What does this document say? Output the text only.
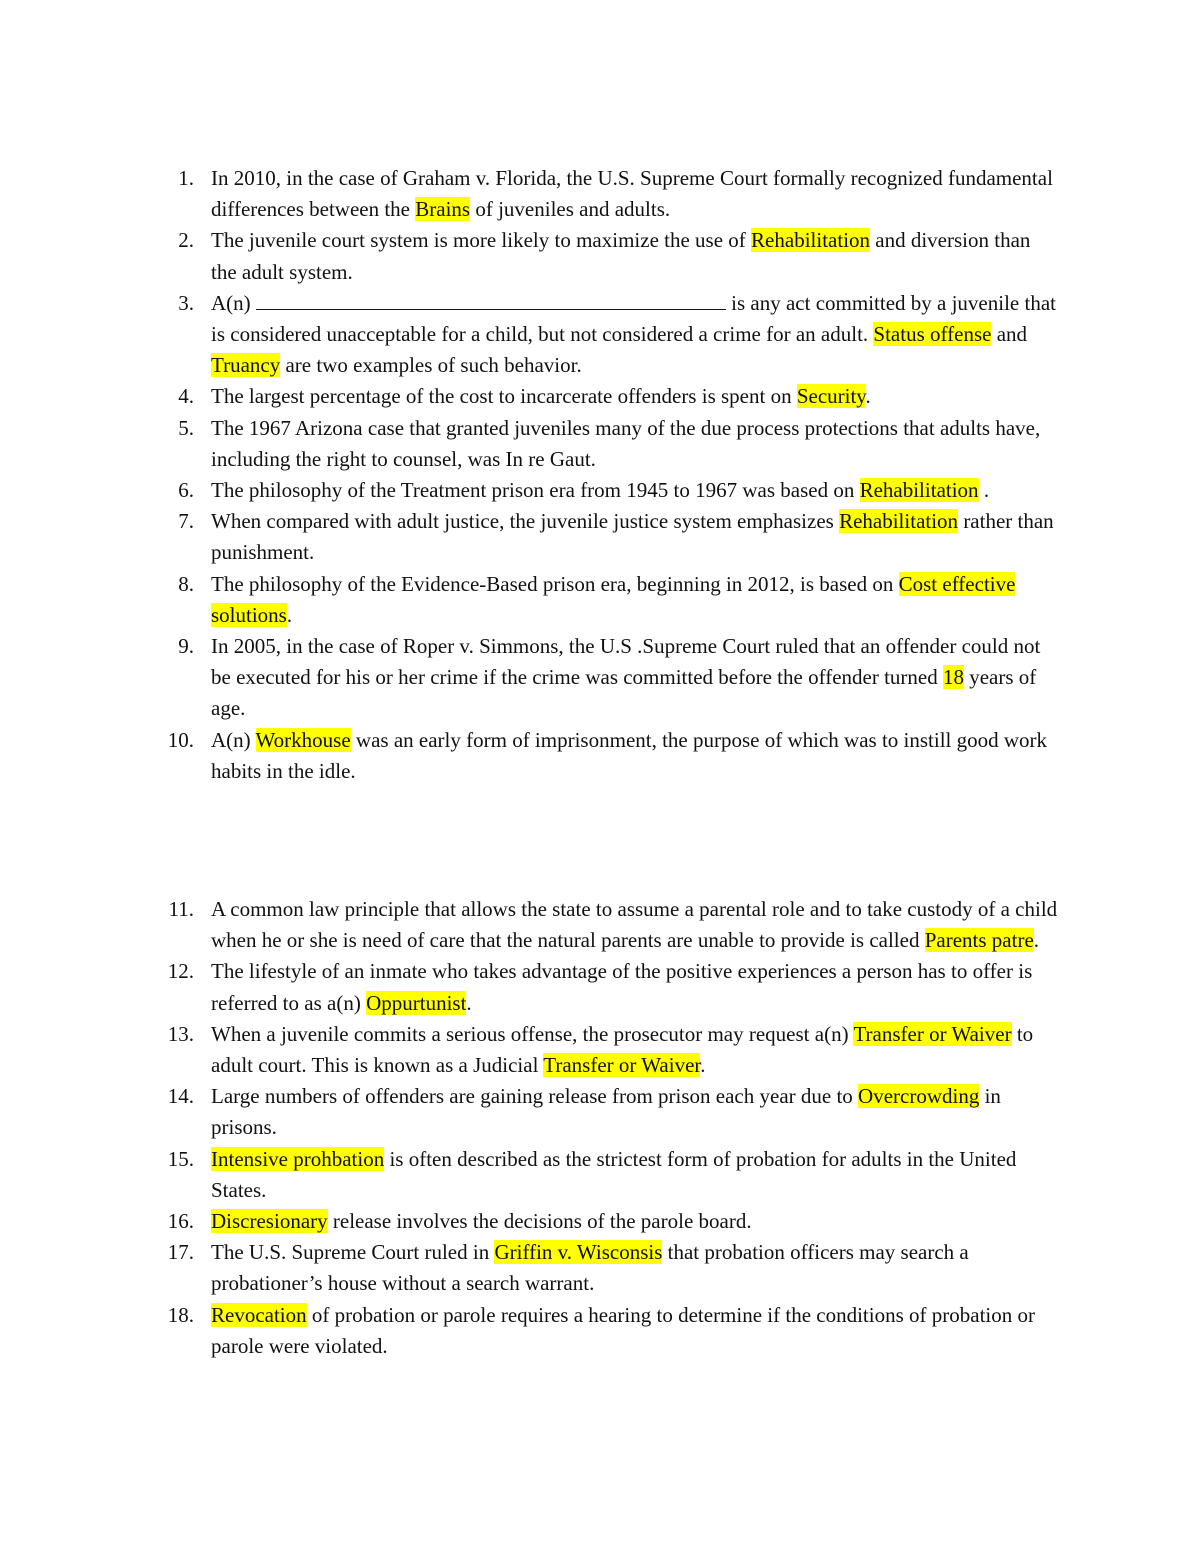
1. In 2010, in the case of Graham v. Florida, the U.S. Supreme Court formally recognized fundamental differences between the Brains of juveniles and adults.
2. The juvenile court system is more likely to maximize the use of Rehabilitation and diversion than the adult system.
3. A(n)	is any act committed by a juvenile that is considered unacceptable for a child, but not considered a crime for an adult. Status offense and Truancy are two examples of such behavior.
4. The largest percentage of the cost to incarcerate offenders is spent on Security.
5. The 1967 Arizona case that granted juveniles many of the due process protections that adults have, including the right to counsel, was In re Gaut.
6. The philosophy of the Treatment prison era from 1945 to 1967 was based on Rehabilitation .
7. When compared with adult justice, the juvenile justice system emphasizes Rehabilitation rather than punishment.
8. The philosophy of the Evidence-Based prison era, beginning in 2012, is based on Cost effective solutions.
9. In 2005, in the case of Roper v. Simmons, the U.S .Supreme Court ruled that an offender could not be executed for his or her crime if the crime was committed before the offender turned 18 years of age.
10. A(n) Workhouse was an early form of imprisonment, the purpose of which was to instill good work habits in the idle.
11. A common law principle that allows the state to assume a parental role and to take custody of a child when he or she is need of care that the natural parents are unable to provide is called Parents patre.
12. The lifestyle of an inmate who takes advantage of the positive experiences a person has to offer is referred to as a(n) Oppurtunist.
13. When a juvenile commits a serious offense, the prosecutor may request a(n) Transfer or Waiver to adult court. This is known as a Judicial Transfer or Waiver.
14. Large numbers of offenders are gaining release from prison each year due to Overcrowding in prisons.
15. Intensive prohbation is often described as the strictest form of probation for adults in the United States.
16. Discresionary release involves the decisions of the parole board.
17. The U.S. Supreme Court ruled in Griffin v. Wisconsis that probation officers may search a probationer’s house without a search warrant.
18. Revocation of probation or parole requires a hearing to determine if the conditions of probation or parole were violated.
